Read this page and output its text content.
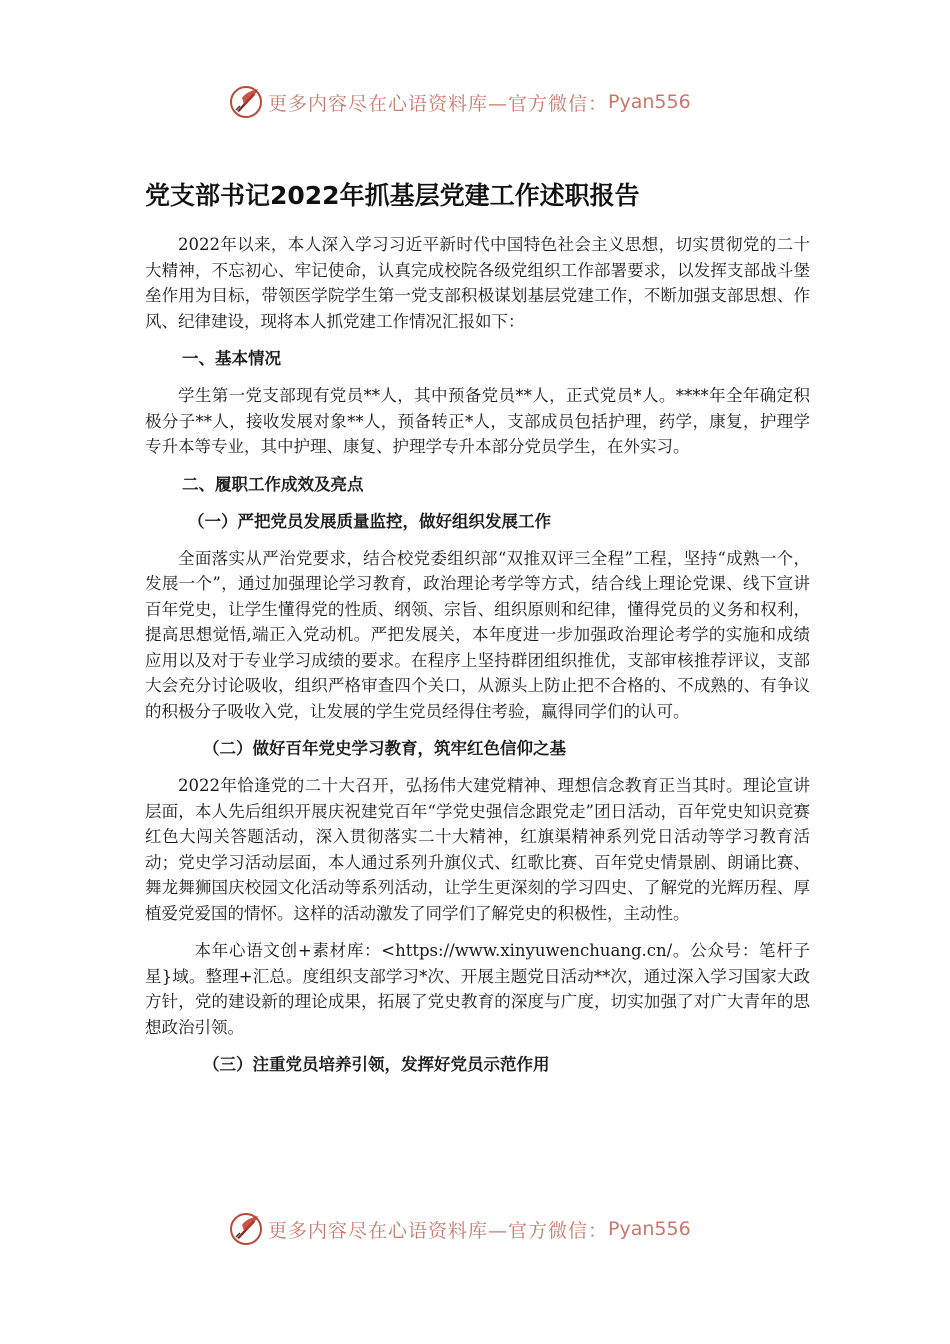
更多内容尽在心语资料库—官方微信： Pyan556
党支部书记2022年抓基层党建工作述职报告

2022年以来，本人深入学习习近平新时代中国特色社会主义思想，切实贯彻党的二十大精神，不忘初心、牢记使命，认真完成校院各级党组织工作部署要求，以发挥支部战斗堡垒作用为目标，带领医学院学生第一党支部积极谋划基层党建工作，不断加强支部思想、作风、纪律建设，现将本人抓党建工作情况汇报如下：

一、基本情况

学生第一党支部现有党员**人，其中预备党员**人，正式党员*人。****年全年确定积极分子**人，接收发展对象**人，预备转正*人，支部成员包括护理，药学，康复，护理学专升本等专业，其中护理、康复、护理学专升本部分党员学生，在外实习。

二、履职工作成效及亮点
（一）严把党员发展质量监控，做好组织发展工作

全面落实从严治党要求，结合校党委组织部“双推双评三全程”工程，坚持“成熟一个，发展一个”，通过加强理论学习教育，政治理论考学等方式，结合线上理论党课、线下宣讲百年党史，让学生懂得党的性质、纲领、宗旨、组织原则和纪律，懂得党员的义务和权利，提高思想觉悟,端正入党动机。严把发展关，本年度进一步加强政治理论考学的实施和成绩应用以及对于专业学习成绩的要求。在程序上坚持群团组织推优，支部审核推荐评议，支部大会充分讨论吸收，组织严格审查四个关口，从源头上防止把不合格的、不成熟的、有争议的积极分子吸收入党，让发展的学生党员经得住考验，赢得同学们的认可。

（二）做好百年党史学习教育，筑牢红色信仰之基

2022年恰逢党的二十大召开，弘扬伟大建党精神、理想信念教育正当其时。理论宣讲层面，本人先后组织开展庆祝建党百年“学党史强信念跟党走”团日活动，百年党史知识竞赛红色大闯关答题活动，深入贯彻落实二十大精神，红旗渠精神系列党日活动等学习教育活动；党史学习活动层面，本人通过系列升旗仪式、红歌比赛、百年党史情景剧、朗诵比赛、舞龙舞狮国庆校园文化活动等系列活动，让学生更深刻的学习四史、了解党的光辉历程、厚植爱党爱国的情怀。这样的活动激发了同学们了解党史的积极性，主动性。

本年心语文创+素材库：<https://www.xinyuwenchuang.cn/。公众号：笔杆子星}域。整理+汇总。度组织支部学习*次、开展主题党日活动**次，通过深入学习国家大政方针，党的建设新的理论成果，拓展了党史教育的深度与广度，切实加强了对广大青年的思想政治引领。

（三）注重党员培养引领，发挥好党员示范作用
更多内容尽在心语资料库—官方微信： Pyan556
